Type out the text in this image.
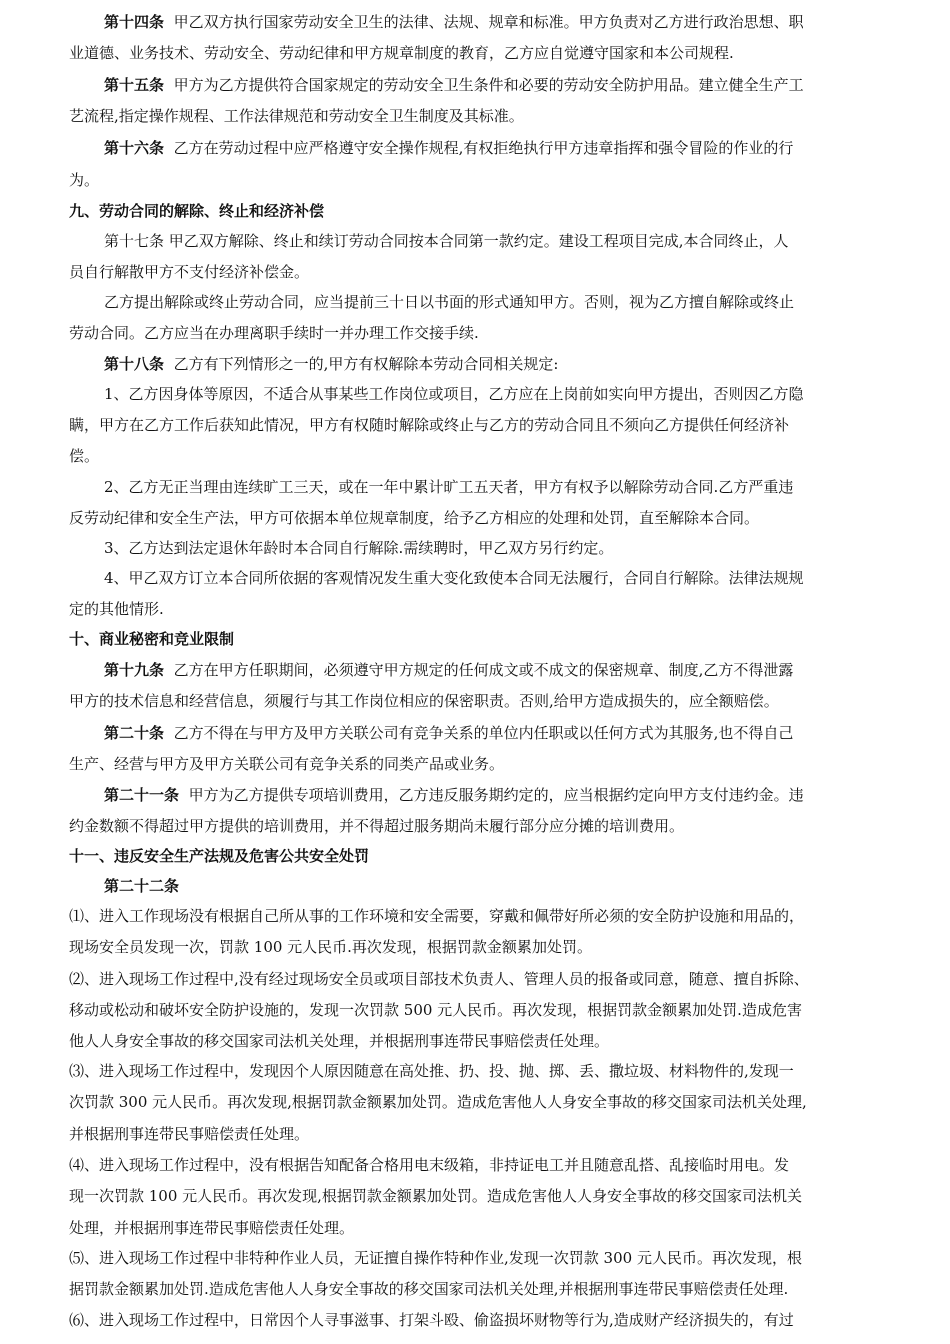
第十四条 甲乙双方执行国家劳动安全卫生的法律、法规、规章和标准。甲方负责对乙方进行政治思想、职
业道德、业务技术、劳动安全、劳动纪律和甲方规章制度的教育，乙方应自觉遵守国家和本公司规程.
第十五条 甲方为乙方提供符合国家规定的劳动安全卫生条件和必要的劳动安全防护用品。建立健全生产工
艺流程,指定操作规程、工作法律规范和劳动安全卫生制度及其标准。
第十六条 乙方在劳动过程中应严格遵守安全操作规程,有权拒绝执行甲方违章指挥和强令冒险的作业的行
为。
九、劳动合同的解除、终止和经济补偿
第十七条 甲乙双方解除、终止和续订劳动合同按本合同第一款约定。建设工程项目完成,本合同终止，人
员自行解散甲方不支付经济补偿金。
乙方提出解除或终止劳动合同，应当提前三十日以书面的形式通知甲方。否则，视为乙方擅自解除或终止
劳动合同。乙方应当在办理离职手续时一并办理工作交接手续.
第十八条 乙方有下列情形之一的,甲方有权解除本劳动合同相关规定:
1、乙方因身体等原因，不适合从事某些工作岗位或项目，乙方应在上岗前如实向甲方提出，否则因乙方隐
瞒，甲方在乙方工作后获知此情况，甲方有权随时解除或终止与乙方的劳动合同且不须向乙方提供任何经济补
偿。
2、乙方无正当理由连续旷工三天，或在一年中累计旷工五天者，甲方有权予以解除劳动合同.乙方严重违
反劳动纪律和安全生产法，甲方可依据本单位规章制度，给予乙方相应的处理和处罚，直至解除本合同。
3、乙方达到法定退休年龄时本合同自行解除.需续聘时，甲乙双方另行约定。
4、甲乙双方订立本合同所依据的客观情况发生重大变化致使本合同无法履行，合同自行解除。法律法规规
定的其他情形.
十、商业秘密和竞业限制
第十九条 乙方在甲方任职期间，必须遵守甲方规定的任何成文或不成文的保密规章、制度,乙方不得泄露
甲方的技术信息和经营信息，须履行与其工作岗位相应的保密职责。否则,给甲方造成损失的，应全额赔偿。
第二十条 乙方不得在与甲方及甲方关联公司有竞争关系的单位内任职或以任何方式为其服务,也不得自己
生产、经营与甲方及甲方关联公司有竞争关系的同类产品或业务。
第二十一条 甲方为乙方提供专项培训费用，乙方违反服务期约定的，应当根据约定向甲方支付违约金。违
约金数额不得超过甲方提供的培训费用，并不得超过服务期尚未履行部分应分摊的培训费用。
十一、违反安全生产法规及危害公共安全处罚
第二十二条
⑴、进入工作现场没有根据自己所从事的工作环境和安全需要，穿戴和佩带好所必须的安全防护设施和用品的，
现场安全员发现一次，罚款 100 元人民币.再次发现，根据罚款金额累加处罚。
⑵、进入现场工作过程中,没有经过现场安全员或项目部技术负责人、管理人员的报备或同意，随意、擅自拆除、
移动或松动和破坏安全防护设施的，发现一次罚款 500 元人民币。再次发现，根据罚款金额累加处罚.造成危害
他人人身安全事故的移交国家司法机关处理，并根据刑事连带民事赔偿责任处理。
⑶、进入现场工作过程中，发现因个人原因随意在高处推、扔、投、抛、掷、丢、撒垃圾、材料物件的,发现一
次罚款 300 元人民币。再次发现,根据罚款金额累加处罚。造成危害他人人身安全事故的移交国家司法机关处理,
并根据刑事连带民事赔偿责任处理。
⑷、进入现场工作过程中，没有根据告知配备合格用电末级箱，非持证电工并且随意乱搭、乱接临时用电。发
现一次罚款 100 元人民币。再次发现,根据罚款金额累加处罚。造成危害他人人身安全事故的移交国家司法机关
处理，并根据刑事连带民事赔偿责任处理。
⑸、进入现场工作过程中非特种作业人员，无证擅自操作特种作业,发现一次罚款 300 元人民币。再次发现，根
据罚款金额累加处罚.造成危害他人人身安全事故的移交国家司法机关处理,并根据刑事连带民事赔偿责任处理.
⑹、进入现场工作过程中，日常因个人寻事滋事、打架斗殴、偷盗损坏财物等行为,造成财产经济损失的，有过
